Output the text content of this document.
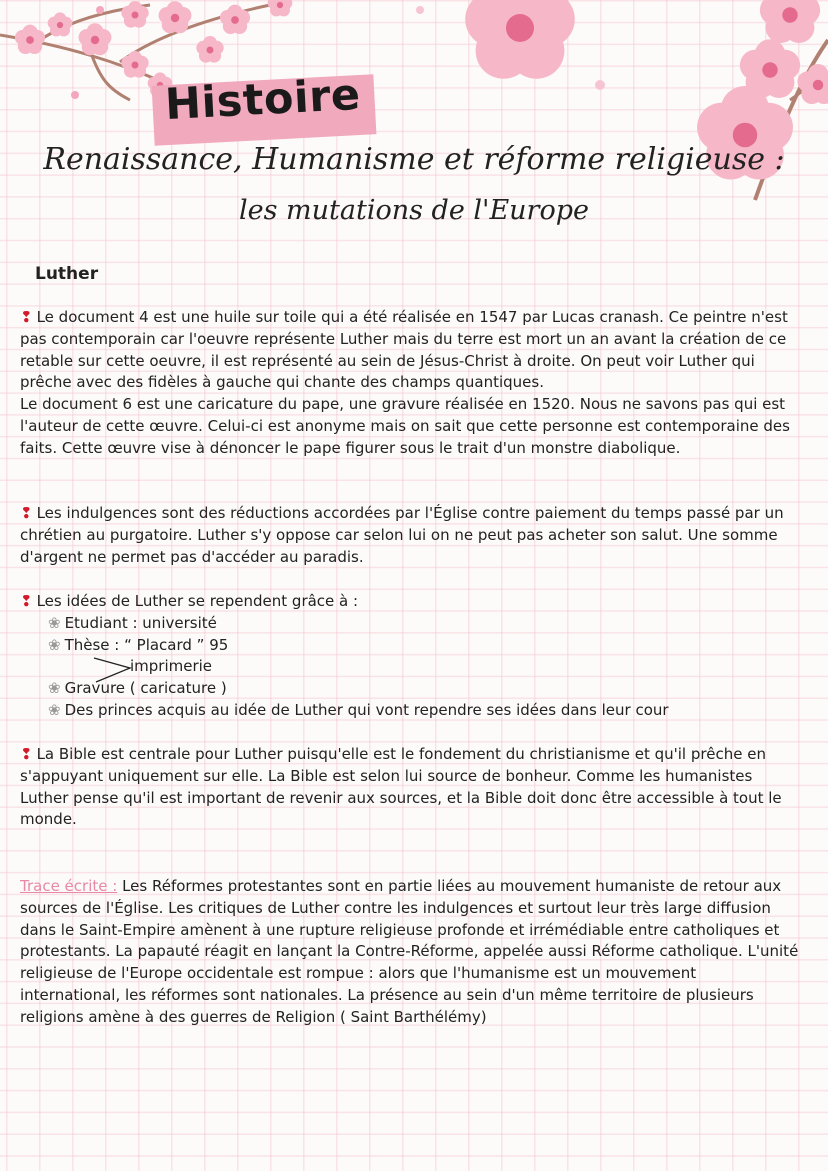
Histoire
Renaissance, Humanisme et réforme religieuse :
les mutations de l'Europe
Luther

❢ Le document 4 est une huile sur toile qui a été réalisée en 1547 par Lucas cranash. Ce peintre n'est pas contemporain car l'oeuvre représente Luther mais du terre est mort un an avant la création de ce retable sur cette oeuvre, il est représenté au sein de Jésus-Christ à droite. On peut voir Luther qui prêche avec des fidèles à gauche qui chante des champs quantiques.

Le document 6 est une caricature du pape, une gravure réalisée en 1520. Nous ne savons pas qui est l'auteur de cette œuvre. Celui-ci est anonyme mais on sait que cette personne est contemporaine des faits. Cette œuvre vise à dénoncer le pape figurer sous le trait d'un monstre diabolique.

❢ Les indulgences sont des réductions accordées par l'Église contre paiement du temps passé par un chrétien au purgatoire. Luther s'y oppose car selon lui on ne peut pas acheter son salut. Une somme d'argent ne permet pas d'accéder au paradis.

❢ Les idées de Luther se rependent grâce à :

❀ Etudiant : université

❀ Thèse : “ Placard ” 95

imprimerie

❀ Gravure ( caricature )

❀ Des princes acquis au idée de Luther qui vont rependre ses idées dans leur cour

❢ La Bible est centrale pour Luther puisqu'elle est le fondement du christianisme et qu'il prêche en s'appuyant uniquement sur elle. La Bible est selon lui source de bonheur. Comme les humanistes Luther pense qu'il est important de revenir aux sources, et la Bible doit donc être accessible à tout le monde.

Trace écrite : Les Réformes protestantes sont en partie liées au mouvement humaniste de retour aux sources de l'Église. Les critiques de Luther contre les indulgences et surtout leur très large diffusion dans le Saint-Empire amènent à une rupture religieuse profonde et irrémédiable entre catholiques et protestants. La papauté réagit en lançant la Contre-Réforme, appelée aussi Réforme catholique. L'unité religieuse de l'Europe occidentale est rompue : alors que l'humanisme est un mouvement international, les réformes sont nationales. La présence au sein d'un même territoire de plusieurs religions amène à des guerres de Religion ( Saint Barthélémy)
